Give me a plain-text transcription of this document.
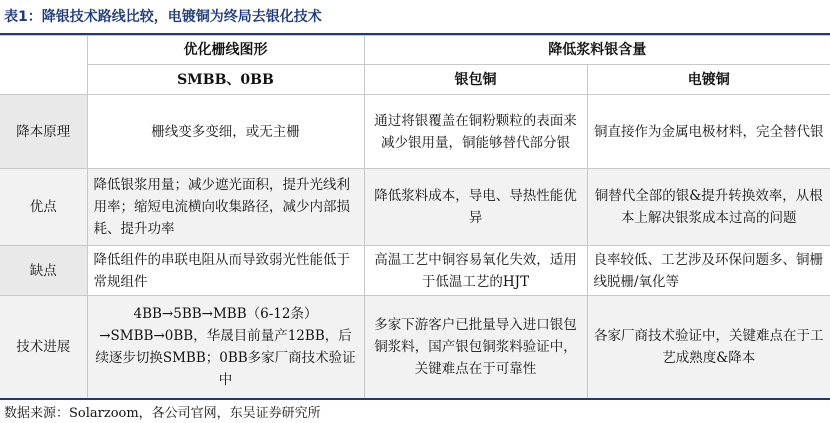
表1：降银技术路线比较，电镀铜为终局去银化技术
	优化栅线图形	降低浆料银含量	
	SMBB、0BB	银包铜	电镀铜
降本原理	栅线变多变细，或无主栅	通过将银覆盖在铜粉颗粒的表面来减少银用量，铜能够替代部分银	铜直接作为金属电极材料，完全替代银
优点	降低银浆用量；减少遮光面积，提升光线利用率；缩短电流横向收集路径，减少内部损耗、提升功率	降低浆料成本，导电、导热性能优异	铜替代全部的银&提升转换效率，从根本上解决银浆成本过高的问题
缺点	降低组件的串联电阻从而导致弱光性能低于常规组件	高温工艺中铜容易氧化失效，适用于低温工艺的HJT	良率较低、工艺涉及环保问题多、铜栅线脱栅/氧化等
技术进展	4BB→5BB→MBB（6-12条）→SMBB→0BB，华晟目前量产12BB，后续逐步切换SMBB；0BB多家厂商技术验证中	多家下游客户已批量导入进口银包铜浆料，国产银包铜浆料验证中，关键难点在于可靠性	各家厂商技术验证中，关键难点在于工艺成熟度&降本
数据来源：Solarzoom，各公司官网，东吴证券研究所
